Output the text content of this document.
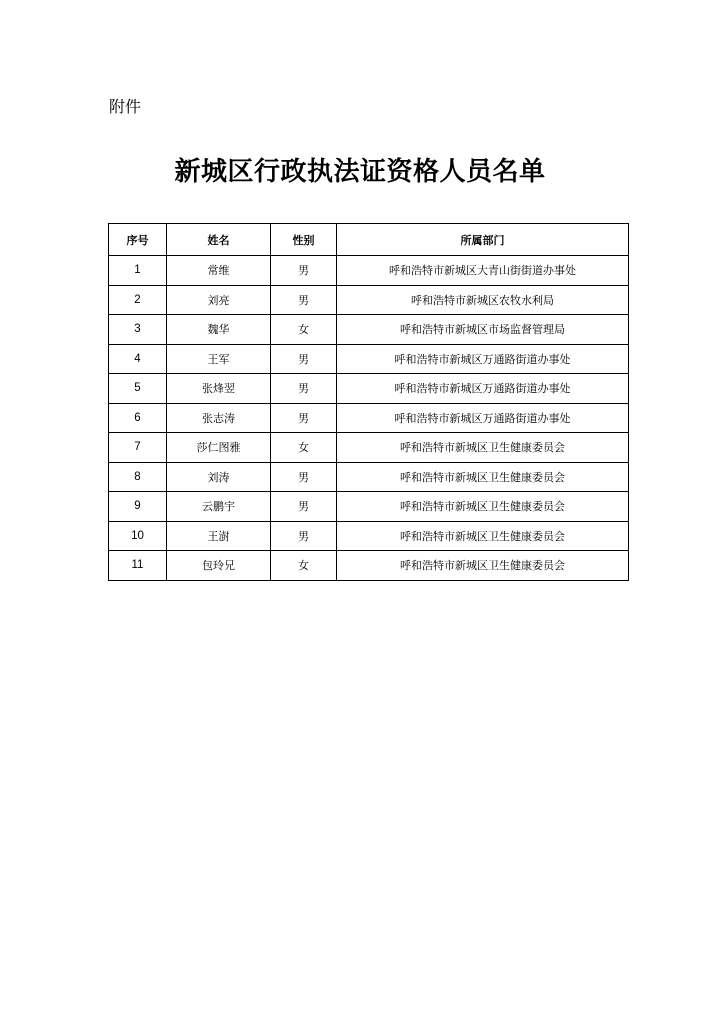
附件
新城区行政执法证资格人员名单
序号	姓名	性别	所属部门
1	常维	男	呼和浩特市新城区大青山街街道办事处
2	刘亮	男	呼和浩特市新城区农牧水利局
3	魏华	女	呼和浩特市新城区市场监督管理局
4	王军	男	呼和浩特市新城区万通路街道办事处
5	张烽翌	男	呼和浩特市新城区万通路街道办事处
6	张志涛	男	呼和浩特市新城区万通路街道办事处
7	莎仁图雅	女	呼和浩特市新城区卫生健康委员会
8	刘涛	男	呼和浩特市新城区卫生健康委员会
9	云鹏宇	男	呼和浩特市新城区卫生健康委员会
10	王澍	男	呼和浩特市新城区卫生健康委员会
11	包玲兄	女	呼和浩特市新城区卫生健康委员会
